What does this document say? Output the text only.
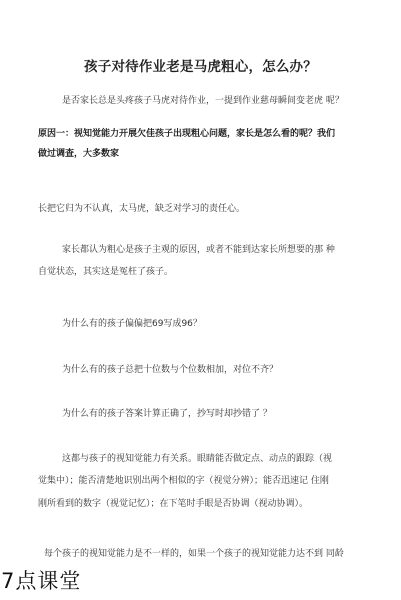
孩子对待作业老是马虎粗心，怎么办？
是否家长总是头疼孩子马虎对待作业，一提到作业慈母瞬间变老虎 呢？
原因一：视知觉能力开展欠佳孩子出现粗心问题，家长是怎么看的呢？我们
做过调查，大多数家
长把它归为不认真，太马虎，缺乏对学习的责任心。
家长都认为粗心是孩子主观的原因，或者不能到达家长所想要的那 种
自觉状态，其实这是冤枉了孩子。
为什么有的孩子偏偏把69写成96？
为什么有的孩子总把十位数与个位数相加，对位不齐？
为什么有的孩子答案计算正确了，抄写时却抄错了 ？
这都与孩子的视知觉能力有关系。眼睛能否做定点、动点的跟踪（视
觉集中）；能否清楚地识别出两个相似的字（视觉分辨）；能否迅速记 住刚
刚所看到的数字（视觉记忆）；在下笔时手眼是否协调（视动协调）。
每个孩子的视知觉能力是不一样的，如果一个孩子的视知觉能力达不到 同龄
7点课堂
